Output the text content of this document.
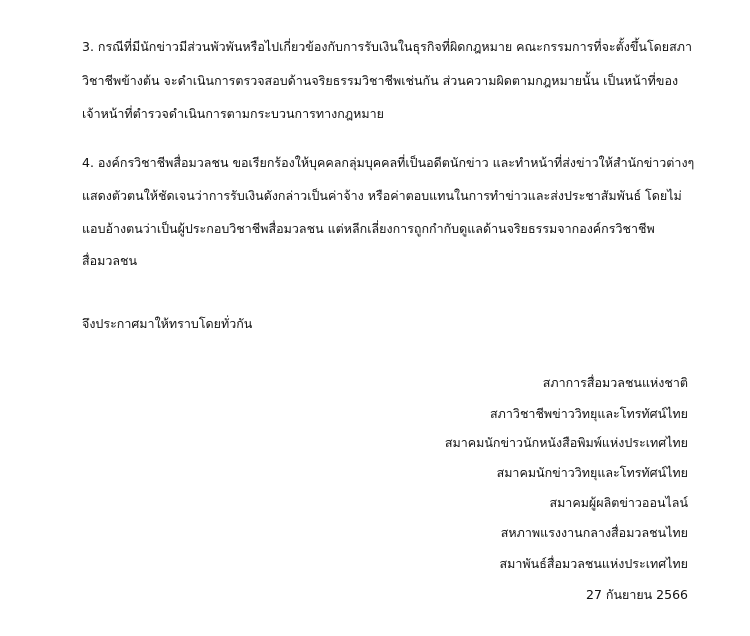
3. กรณีที่มีนักข่าวมีส่วนพัวพันหรือไปเกี่ยวข้องกับการรับเงินในธุรกิจที่ผิดกฎหมาย คณะกรรมการที่จะตั้งขึ้นโดยสภา
วิชาชีพข้างต้น จะดำเนินการตรวจสอบด้านจริยธรรมวิชาชีพเช่นกัน ส่วนความผิดตามกฎหมายนั้น เป็นหน้าที่ของ
เจ้าหน้าที่ตำรวจดำเนินการตามกระบวนการทางกฎหมาย
4. องค์กรวิชาชีพสื่อมวลชน ขอเรียกร้องให้บุคคลกลุ่มบุคคลที่เป็นอดีตนักข่าว และทำหน้าที่ส่งข่าวให้สำนักข่าวต่างๆ
แสดงตัวตนให้ชัดเจนว่าการรับเงินดังกล่าวเป็นค่าจ้าง หรือค่าตอบแทนในการทำข่าวและส่งประชาสัมพันธ์ โดยไม่
แอบอ้างตนว่าเป็นผู้ประกอบวิชาชีพสื่อมวลชน แต่หลีกเลี่ยงการถูกกำกับดูแลด้านจริยธรรมจากองค์กรวิชาชีพ
สื่อมวลชน
จึงประกาศมาให้ทราบโดยทั่วกัน
สภาการสื่อมวลชนแห่งชาติ
สภาวิชาชีพข่าววิทยุและโทรทัศน์ไทย
สมาคมนักข่าวนักหนังสือพิมพ์แห่งประเทศไทย
สมาคมนักข่าววิทยุและโทรทัศน์ไทย
สมาคมผู้ผลิตข่าวออนไลน์
สหภาพแรงงานกลางสื่อมวลชนไทย
สมาพันธ์สื่อมวลชนแห่งประเทศไทย
27 กันยายน 2566
